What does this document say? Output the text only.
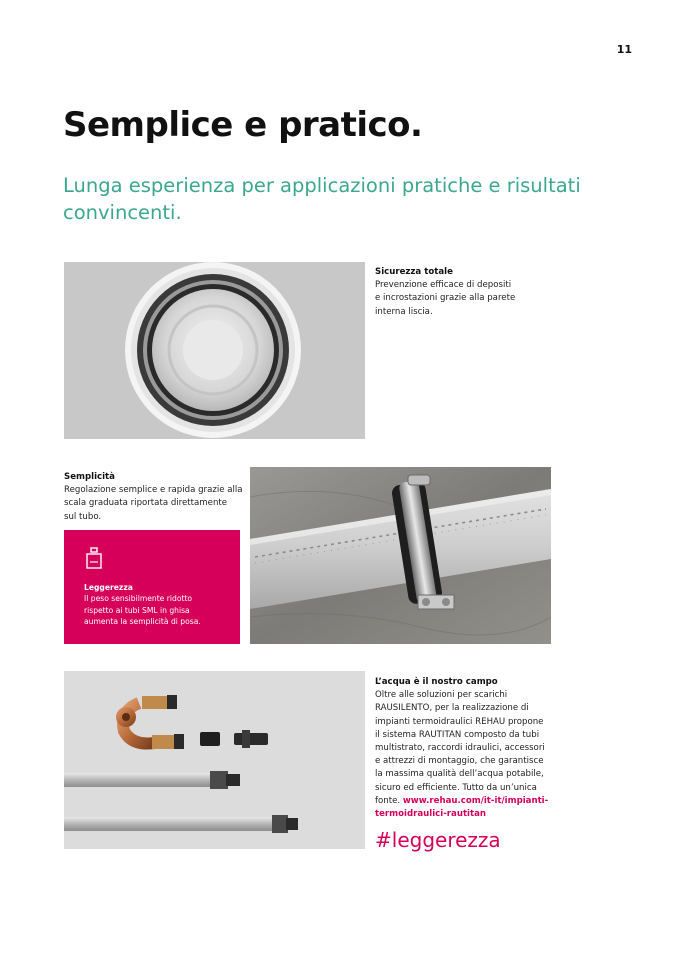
11
Semplice e pratico.
Lunga esperienza per applicazioni pratiche e risultati convincenti.
Sicurezza totale
Prevenzione efficace di depositi
e incrostazioni grazie alla parete
interna liscia.
Semplicità
Regolazione semplice e rapida grazie alla
scala graduata riportata direttamente
sul tubo.
Leggerezza
Il peso sensibilmente ridotto
rispetto ai tubi SML in ghisa
aumenta la semplicità di posa.
L’acqua è il nostro campo
Oltre alle soluzioni per scarichi
RAUSILENTO, per la realizzazione di
impianti termoidraulici REHAU propone
il sistema RAUTITAN composto da tubi
multistrato, raccordi idraulici, accessori
e attrezzi di montaggio, che garantisce
la massima qualità dell’acqua potabile,
sicuro ed efficiente. Tutto da un’unica
fonte. www.rehau.com/it-it/impianti-
termoidraulici-rautitan
#leggerezza
